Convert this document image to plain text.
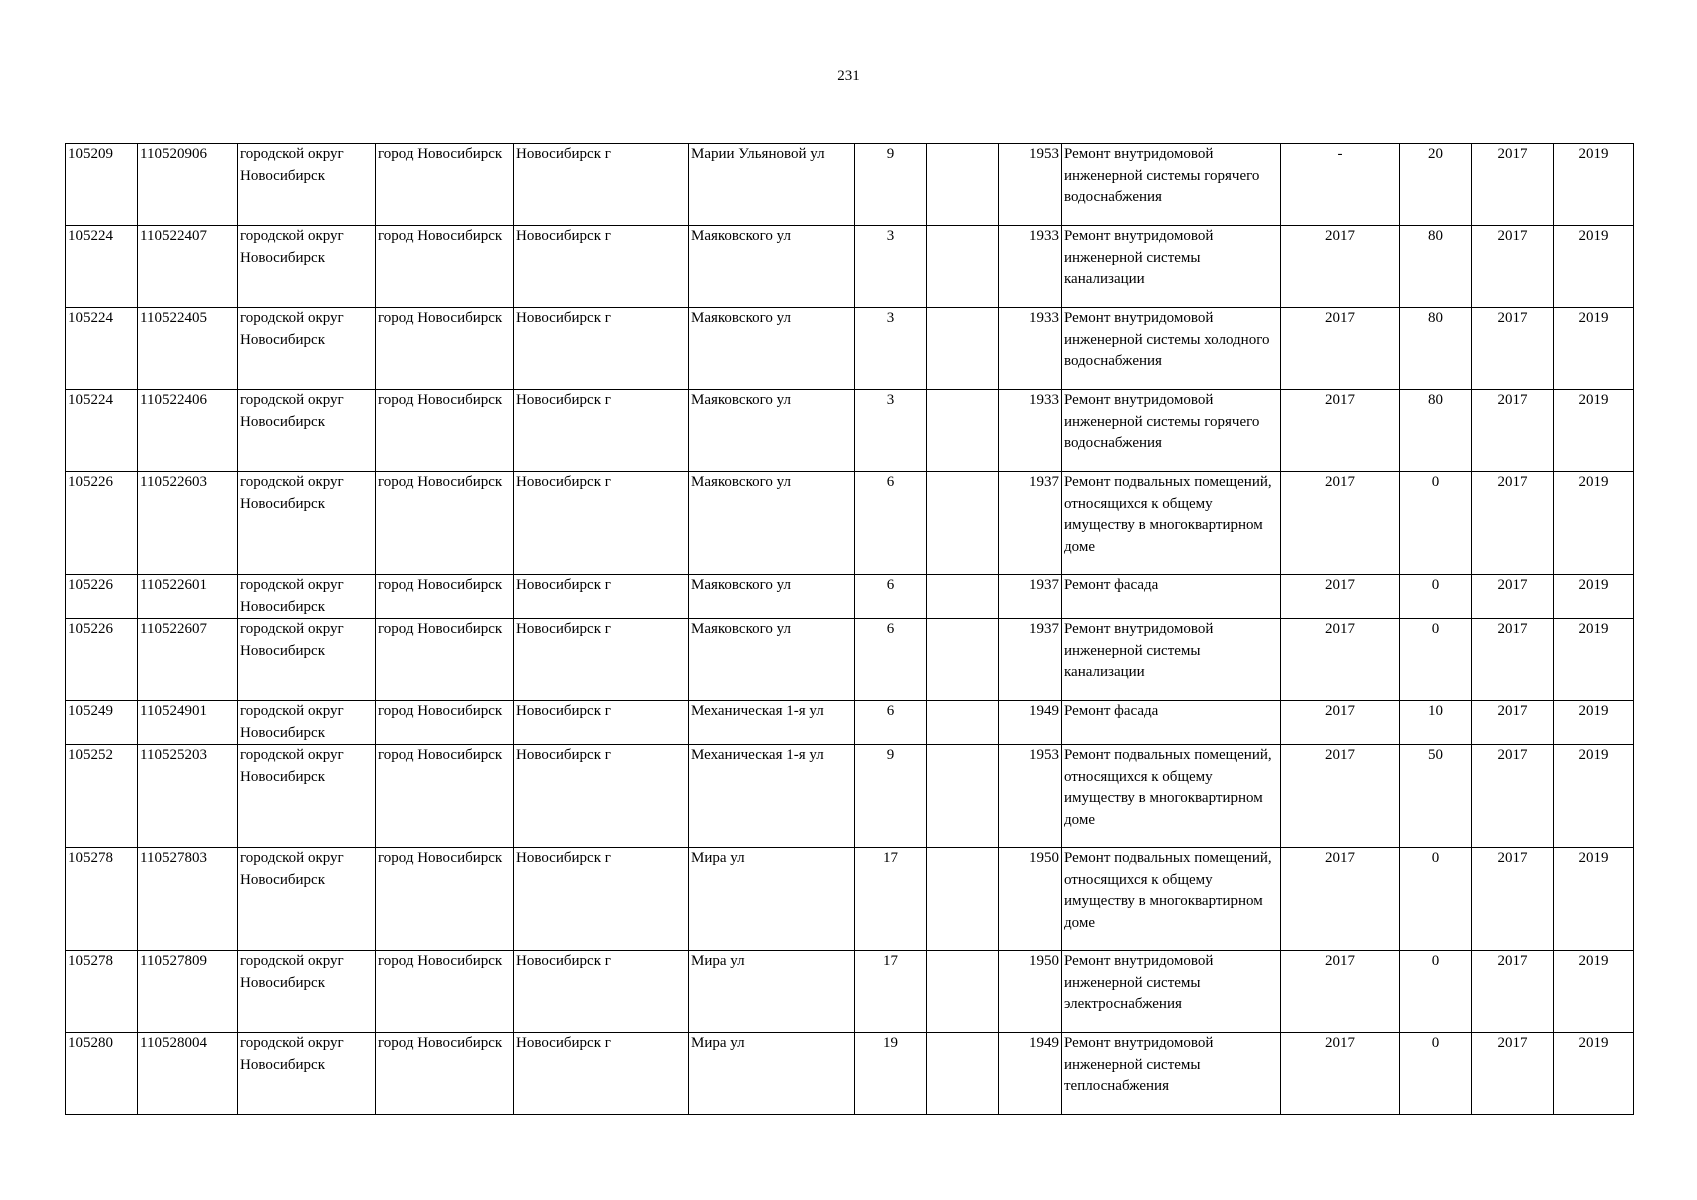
231
105209	110520906	городской округ Новосибирск	город Новосибирск	Новосибирск г	Марии Ульяновой ул	9		1953	Ремонт внутридомовой инженерной системы горячего водоснабжения	-	20	2017	2019
105224	110522407	городской округ Новосибирск	город Новосибирск	Новосибирск г	Маяковского ул	3		1933	Ремонт внутридомовой инженерной системы канализации	2017	80	2017	2019
105224	110522405	городской округ Новосибирск	город Новосибирск	Новосибирск г	Маяковского ул	3		1933	Ремонт внутридомовой инженерной системы холодного водоснабжения	2017	80	2017	2019
105224	110522406	городской округ Новосибирск	город Новосибирск	Новосибирск г	Маяковского ул	3		1933	Ремонт внутридомовой инженерной системы горячего водоснабжения	2017	80	2017	2019
105226	110522603	городской округ Новосибирск	город Новосибирск	Новосибирск г	Маяковского ул	6		1937	Ремонт подвальных помещений, относящихся к общему имуществу в многоквартирном доме	2017	0	2017	2019
105226	110522601	городской округ Новосибирск	город Новосибирск	Новосибирск г	Маяковского ул	6		1937	Ремонт фасада	2017	0	2017	2019
105226	110522607	городской округ Новосибирск	город Новосибирск	Новосибирск г	Маяковского ул	6		1937	Ремонт внутридомовой инженерной системы канализации	2017	0	2017	2019
105249	110524901	городской округ Новосибирск	город Новосибирск	Новосибирск г	Механическая 1-я ул	6		1949	Ремонт фасада	2017	10	2017	2019
105252	110525203	городской округ Новосибирск	город Новосибирск	Новосибирск г	Механическая 1-я ул	9		1953	Ремонт подвальных помещений, относящихся к общему имуществу в многоквартирном доме	2017	50	2017	2019
105278	110527803	городской округ Новосибирск	город Новосибирск	Новосибирск г	Мира ул	17		1950	Ремонт подвальных помещений, относящихся к общему имуществу в многоквартирном доме	2017	0	2017	2019
105278	110527809	городской округ Новосибирск	город Новосибирск	Новосибирск г	Мира ул	17		1950	Ремонт внутридомовой инженерной системы электроснабжения	2017	0	2017	2019
105280	110528004	городской округ Новосибирск	город Новосибирск	Новосибирск г	Мира ул	19		1949	Ремонт внутридомовой инженерной системы теплоснабжения	2017	0	2017	2019
